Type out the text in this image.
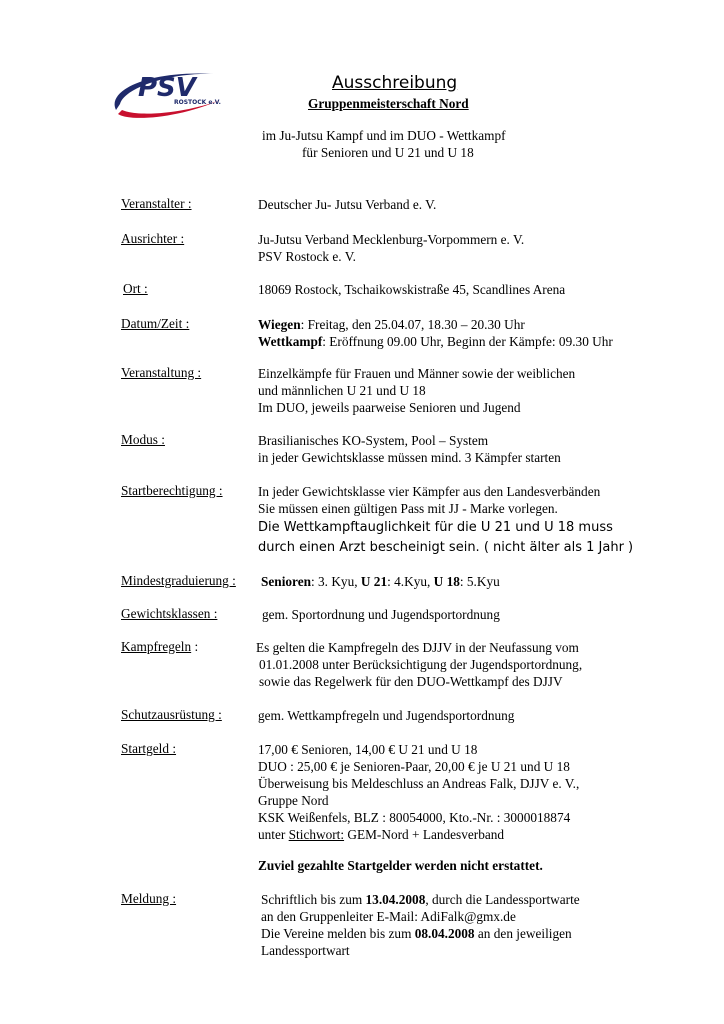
PSV
ROSTOCK e.V.
Ausschreibung
Gruppenmeisterschaft Nord
im Ju-Jutsu Kampf und im DUO - Wettkampf
für Senioren und U 21 und U 18
Veranstalter :	Deutscher Ju- Jutsu Verband e. V.
Ausrichter :	Ju-Jutsu Verband Mecklenburg-Vorpommern e. V.
PSV Rostock e. V.
Ort :	18069 Rostock, Tschaikowskistraße 45, Scandlines Arena
Datum/Zeit :	Wiegen: Freitag, den 25.04.07, 18.30 – 20.30 Uhr
Wettkampf: Eröffnung 09.00 Uhr, Beginn der Kämpfe: 09.30 Uhr
Veranstaltung :	Einzelkämpfe für Frauen und Männer sowie der weiblichen
und männlichen U 21 und U 18
Im DUO, jeweils paarweise Senioren und Jugend
Modus :	Brasilianisches KO-System, Pool – System
in jeder Gewichtsklasse müssen mind. 3 Kämpfer starten
Startberechtigung :	In jeder Gewichtsklasse vier Kämpfer aus den Landesverbänden
Sie müssen einen gültigen Pass mit JJ - Marke vorlegen.
Die Wettkampftauglichkeit für die U 21 und U 18 muss
durch einen Arzt bescheinigt sein. ( nicht älter als 1 Jahr )
Mindestgraduierung : Senioren: 3. Kyu, U 21: 4.Kyu, U 18: 5.Kyu
Gewichtsklassen :	gem. Sportordnung und Jugendsportordnung
Kampfregeln :	Es gelten die Kampfregeln des DJJV in der Neufassung vom
01.01.2008 unter Berücksichtigung der Jugendsportordnung,
sowie das Regelwerk für den DUO-Wettkampf des DJJV
Schutzausrüstung :	gem. Wettkampfregeln und Jugendsportordnung
Startgeld :	17,00 € Senioren, 14,00 € U 21 und U 18
DUO : 25,00 € je Senioren-Paar, 20,00 € je U 21 und U 18
Überweisung bis Meldeschluss an Andreas Falk, DJJV e. V.,
Gruppe Nord
KSK Weißenfels, BLZ : 80054000, Kto.-Nr. : 3000018874
unter Stichwort: GEM-Nord + Landesverband
Zuviel gezahlte Startgelder werden nicht erstattet.
Meldung :	Schriftlich bis zum 13.04.2008, durch die Landessportwarte
an den Gruppenleiter E-Mail: AdiFalk@gmx.de
Die Vereine melden bis zum 08.04.2008 an den jeweiligen
Landessportwart
